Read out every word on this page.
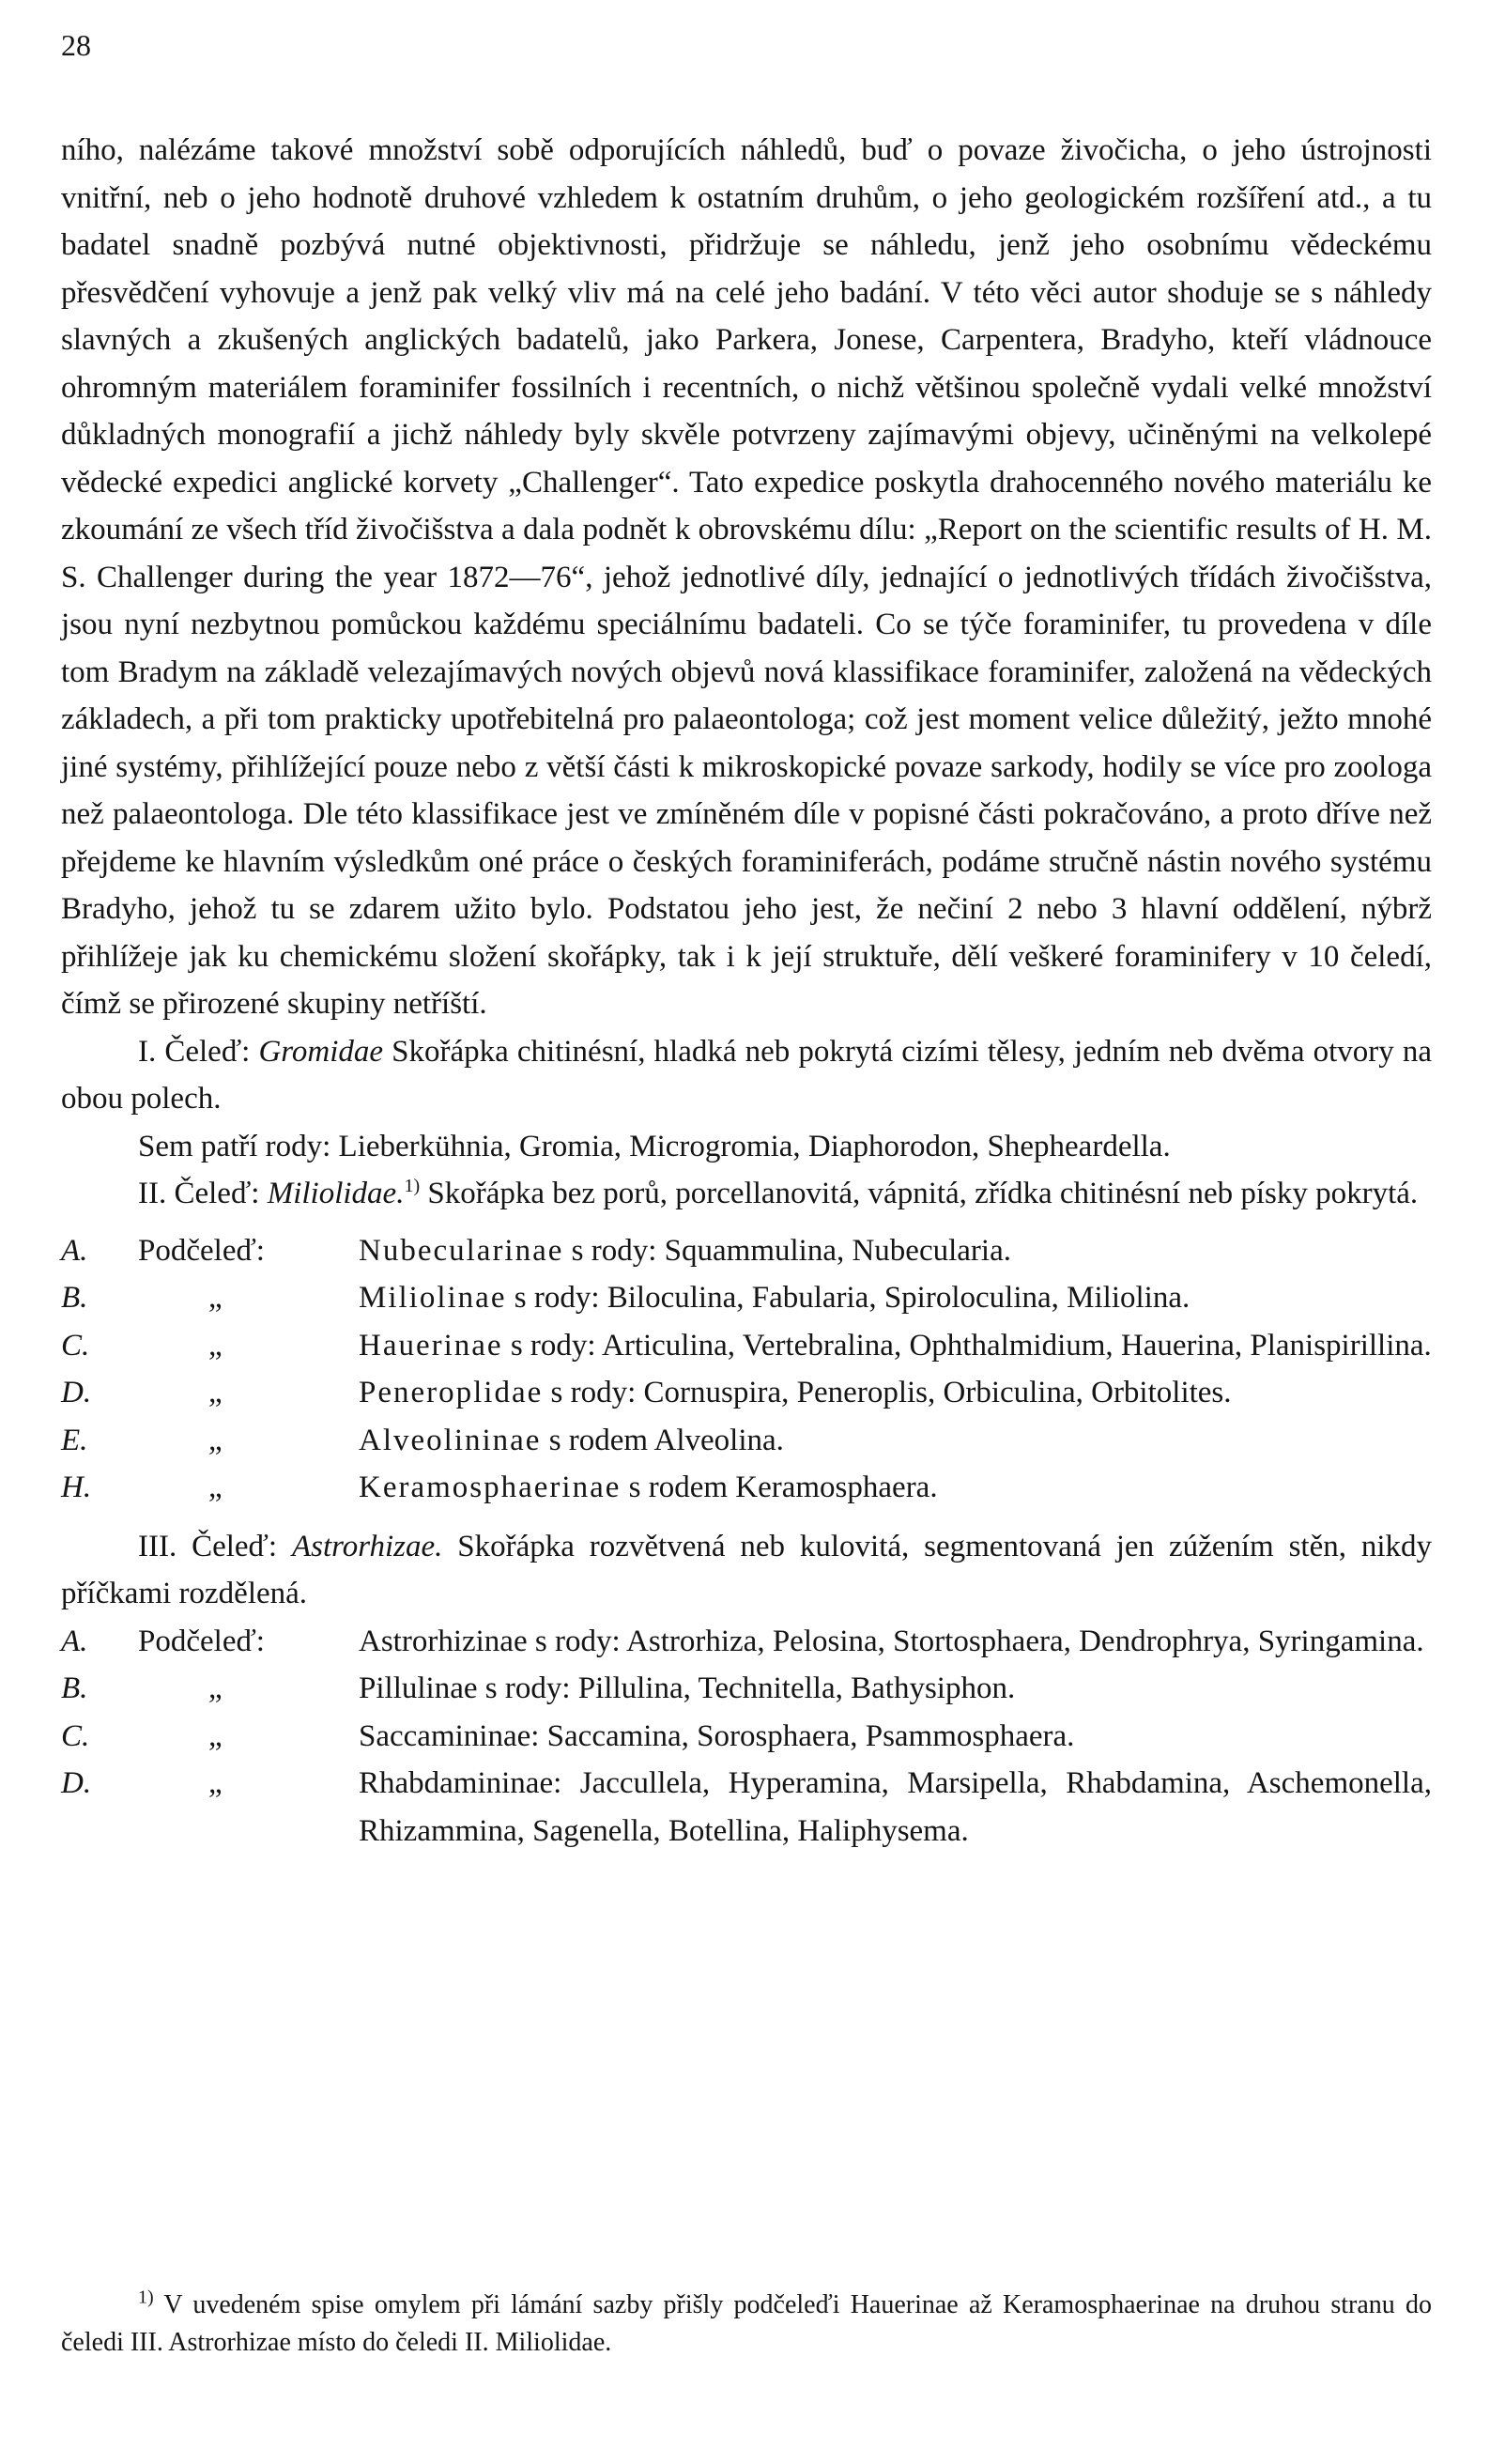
28

ního, nalézáme takové množství sobě odporujících náhledů, buď o povaze živočicha, o jeho ústrojnosti vnitřní, neb o jeho hodnotě druhové vzhledem k ostatním druhům, o jeho geologickém rozšíření atd., a tu badatel snadně pozbývá nutné objektivnosti, přidržuje se náhledu, jenž jeho osobnímu vědeckému přesvědčení vyhovuje a jenž pak velký vliv má na celé jeho badání. V této věci autor shoduje se s náhledy slavných a zkušených anglických badatelů, jako Parkera, Jonese, Carpentera, Bradyho, kteří vládnouce ohromným materiálem foraminifer fossilních i recentních, o nichž většinou společně vydali velké množství důkladných monografií a jichž náhledy byly skvěle potvrzeny zajímavými objevy, učiněnými na velkolepé vědecké expedici anglické korvety „Challenger“. Tato expedice poskytla drahocenného nového materiálu ke zkoumání ze všech tříd živočišstva a dala podnět k obrovskému dílu: „Report on the scientific results of H. M. S. Challenger during the year 1872—76“, jehož jednotlivé díly, jednající o jednotlivých třídách živočišstva, jsou nyní nezbytnou pomůckou každému speciálnímu badateli. Co se týče foraminifer, tu provedena v díle tom Bradym na základě velezajímavých nových objevů nová klassifikace foraminifer, založená na vědeckých základech, a při tom prakticky upotřebitelná pro palaeontologa; což jest moment velice důležitý, ježto mnohé jiné systémy, přihlížející pouze nebo z větší části k mikroskopické povaze sarkody, hodily se více pro zoologa než palaeontologa. Dle této klassifikace jest ve zmíněném díle v popisné části pokračováno, a proto dříve než přejdeme ke hlavním výsledkům oné práce o českých foraminiferách, podáme stručně nástin nového systému Bradyho, jehož tu se zdarem užito bylo. Podstatou jeho jest, že nečiní 2 nebo 3 hlavní oddělení, nýbrž přihlížeje jak ku chemickému složení skořápky, tak i k její struktuře, dělí veškeré foraminifery v 10 čeledí, čímž se přirozené skupiny netříští.

I. Čeleď: Gromidae Skořápka chitinésní, hladká neb pokrytá cizími tělesy, jedním neb dvěma otvory na obou polech.

Sem patří rody: Lieberkühnia, Gromia, Microgromia, Diaphorodon, Shepheardella.

II. Čeleď: Miliolidae.$^{1)}$ Skořápka bez porů, porcellanovitá, vápnitá, zřídka chitinésní neb písky pokrytá.

A.	Podčeleď:	Nubecularinae s rody: Squammulina, Nubecularia.
B.	„	Miliolinae s rody: Biloculina, Fabularia, Spiroloculina, Miliolina.
C.	„	Hauerinae s rody: Articulina, Vertebralina, Ophthalmidium, Hauerina, Planispirillina.
D.	„	Peneroplidae s rody: Cornuspira, Peneroplis, Orbiculina, Orbitolites.
E.	„	Alveolininae s rodem Alveolina.
H.	„	Keramosphaerinae s rodem Keramosphaera.

III. Čeleď: Astrorhizae. Skořápka rozvětvená neb kulovitá, segmentovaná jen zúžením stěn, nikdy příčkami rozdělená.

A.	Podčeleď:	Astrorhizinae s rody: Astrorhiza, Pelosina, Stortosphaera, Dendrophrya, Syringamina.
B.	„	Pillulinae s rody: Pillulina, Technitella, Bathysiphon.
C.	„	Saccamininae: Saccamina, Sorosphaera, Psammosphaera.
D.	„	Rhabdamininae: Jaccullela, Hyperamina, Marsipella, Rhabdamina, Aschemonella, Rhizammina, Sagenella, Botellina, Haliphysema.
$^{1)}$ V uvedeném spise omylem při lámání sazby přišly podčeleďi Hauerinae až Keramosphaerinae na druhou stranu do čeledi III. Astrorhizae místo do čeledi II. Miliolidae.
